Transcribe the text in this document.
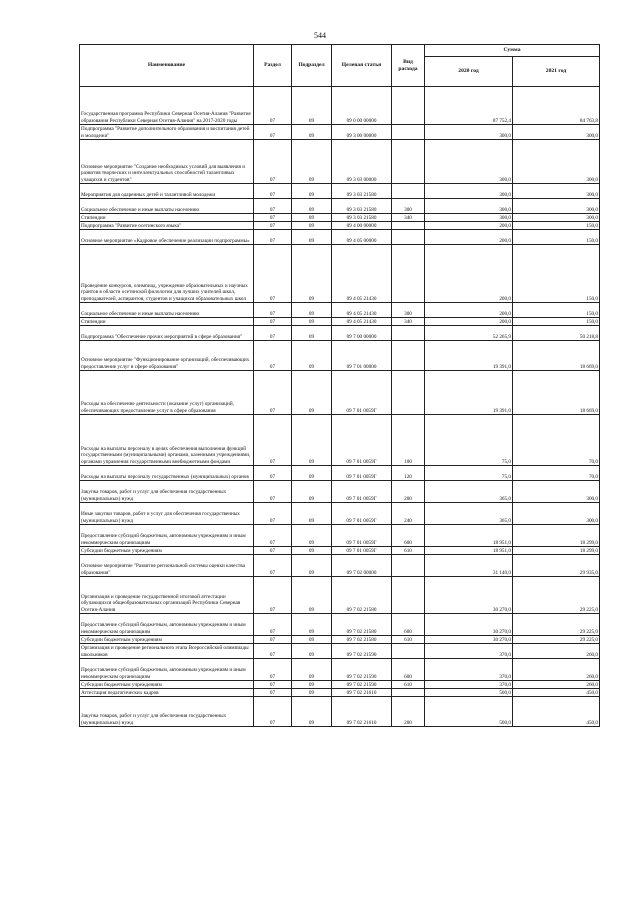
544
Наименование	Раздел	Подраздел	Целевая статья	Вид расхода	Сумма	
					2020 год	2021 год
Государственная программа Республики Северная Осетия-Алания "Развитие образования Республики Северная Осетия-Алания" на 2017-2020 годы	07	09	09 0 00 00000		87 752,4	84 763,8
Подпрограмма "Развитие дополнительного образования и воспитания детей и молодежи"	07	09	09 3 00 00000		300,0	300,0
Основное мероприятие "Создание необходимых условий для выявления и развития творческих и интеллектуальных способностей талантливых учащихся и студентов"	07	09	09 3 03 00000		300,0	300,0
Мероприятия для одаренных детей и талантливой молодежи	07	09	09 3 03 21580		300,0	300,0
Социальное обеспечение и иные выплаты населению	07	09	09 3 03 21580	300	300,0	300,0
Стипендии	07	09	09 3 03 21580	340	300,0	300,0
Подпрограмма "Развитие осетинского языка"	07	09	09 4 00 00000		200,0	150,0
Основное мероприятие «Кадровое обеспечение реализации подпрограммы»	07	09	09 4 05 00000		200,0	150,0
Проведение конкурсов, олимпиад, учреждение образовательных и научных грантов в области осетинской филологии для лучших учителей школ, преподавателей, аспирантов, студентов и учащихся образовательных школ	07	09	09 4 05 21430		200,0	150,0
Социальное обеспечение и иные выплаты населению	07	09	09 4 05 21430	300	200,0	150,0
Стипендии	07	09	09 4 05 21430	340	200,0	150,0
Подпрограмма "Обеспечение прочих мероприятий в сфере образования"	07	09	09 7 00 00000		52 265,9	50 218,8
Основное мероприятие "Функционирование организаций, обеспечивающих предоставление услуг в сфере образования"	07	09	09 7 01 00000		19 391,0	18 669,0
Расходы на обеспечение деятельности (оказание услуг) организаций, обеспечивающих предоставление услуг в сфере образования	07	09	09 7 01 0059Г		19 391,0	18 669,0
Расходы на выплаты персоналу в целях обеспечения выполнения функций государственными (муниципальными) органами, казенными учреждениями, органами управления государственными внебюджетными фондами	07	09	09 7 01 0059Г	100	75,0	70,0
Расходы на выплаты персоналу государственных (муниципальных) органов	07	09	09 7 01 0059Г	120	75,0	70,0
Закупка товаров, работ и услуг для обеспечения государственных (муниципальных) нужд	07	09	09 7 01 0059Г	200	365,0	300,0
Иные закупки товаров, работ и услуг для обеспечения государственных (муниципальных) нужд	07	09	09 7 01 0059Г	240	365,0	300,0
Предоставление субсидий бюджетным, автономным учреждениям и иным некоммерческим организациям	07	09	09 7 01 0059Г	600	18 951,0	18 299,0
Субсидии бюджетным учреждениям	07	09	09 7 01 0059Г	610	18 951,0	18 299,0
Основное мероприятие "Развитие региональной системы оценки качества образования"	07	09	09 7 02 00000		31 140,0	29 935,0
Организация и проведение государственной итоговой аттестации обучающихся общеобразовательных организаций Республики Северная Осетия-Алания	07	09	09 7 02 21580		30 270,0	29 225,0
Предоставление субсидий бюджетным, автономным учреждениям и иным некоммерческим организациям	07	09	09 7 02 21580	600	30 270,0	29 225,0
Субсидии бюджетным учреждениям	07	09	09 7 02 21580	610	30 270,0	29 225,0
Организация и проведение регионального этапа Всероссийской олимпиады школьников	07	09	09 7 02 21590		370,0	260,0
Предоставление субсидий бюджетным, автономным учреждениям и иным некоммерческим организациям	07	09	09 7 02 21590	600	370,0	260,0
Субсидии бюджетным учреждениям	07	09	09 7 02 21590	610	370,0	260,0
Аттестация педагогических кадров	07	09	09 7 02 21610		500,0	450,0
Закупка товаров, работ и услуг для обеспечения государственных (муниципальных) нужд	07	09	09 7 02 21610	200	500,0	450,0
